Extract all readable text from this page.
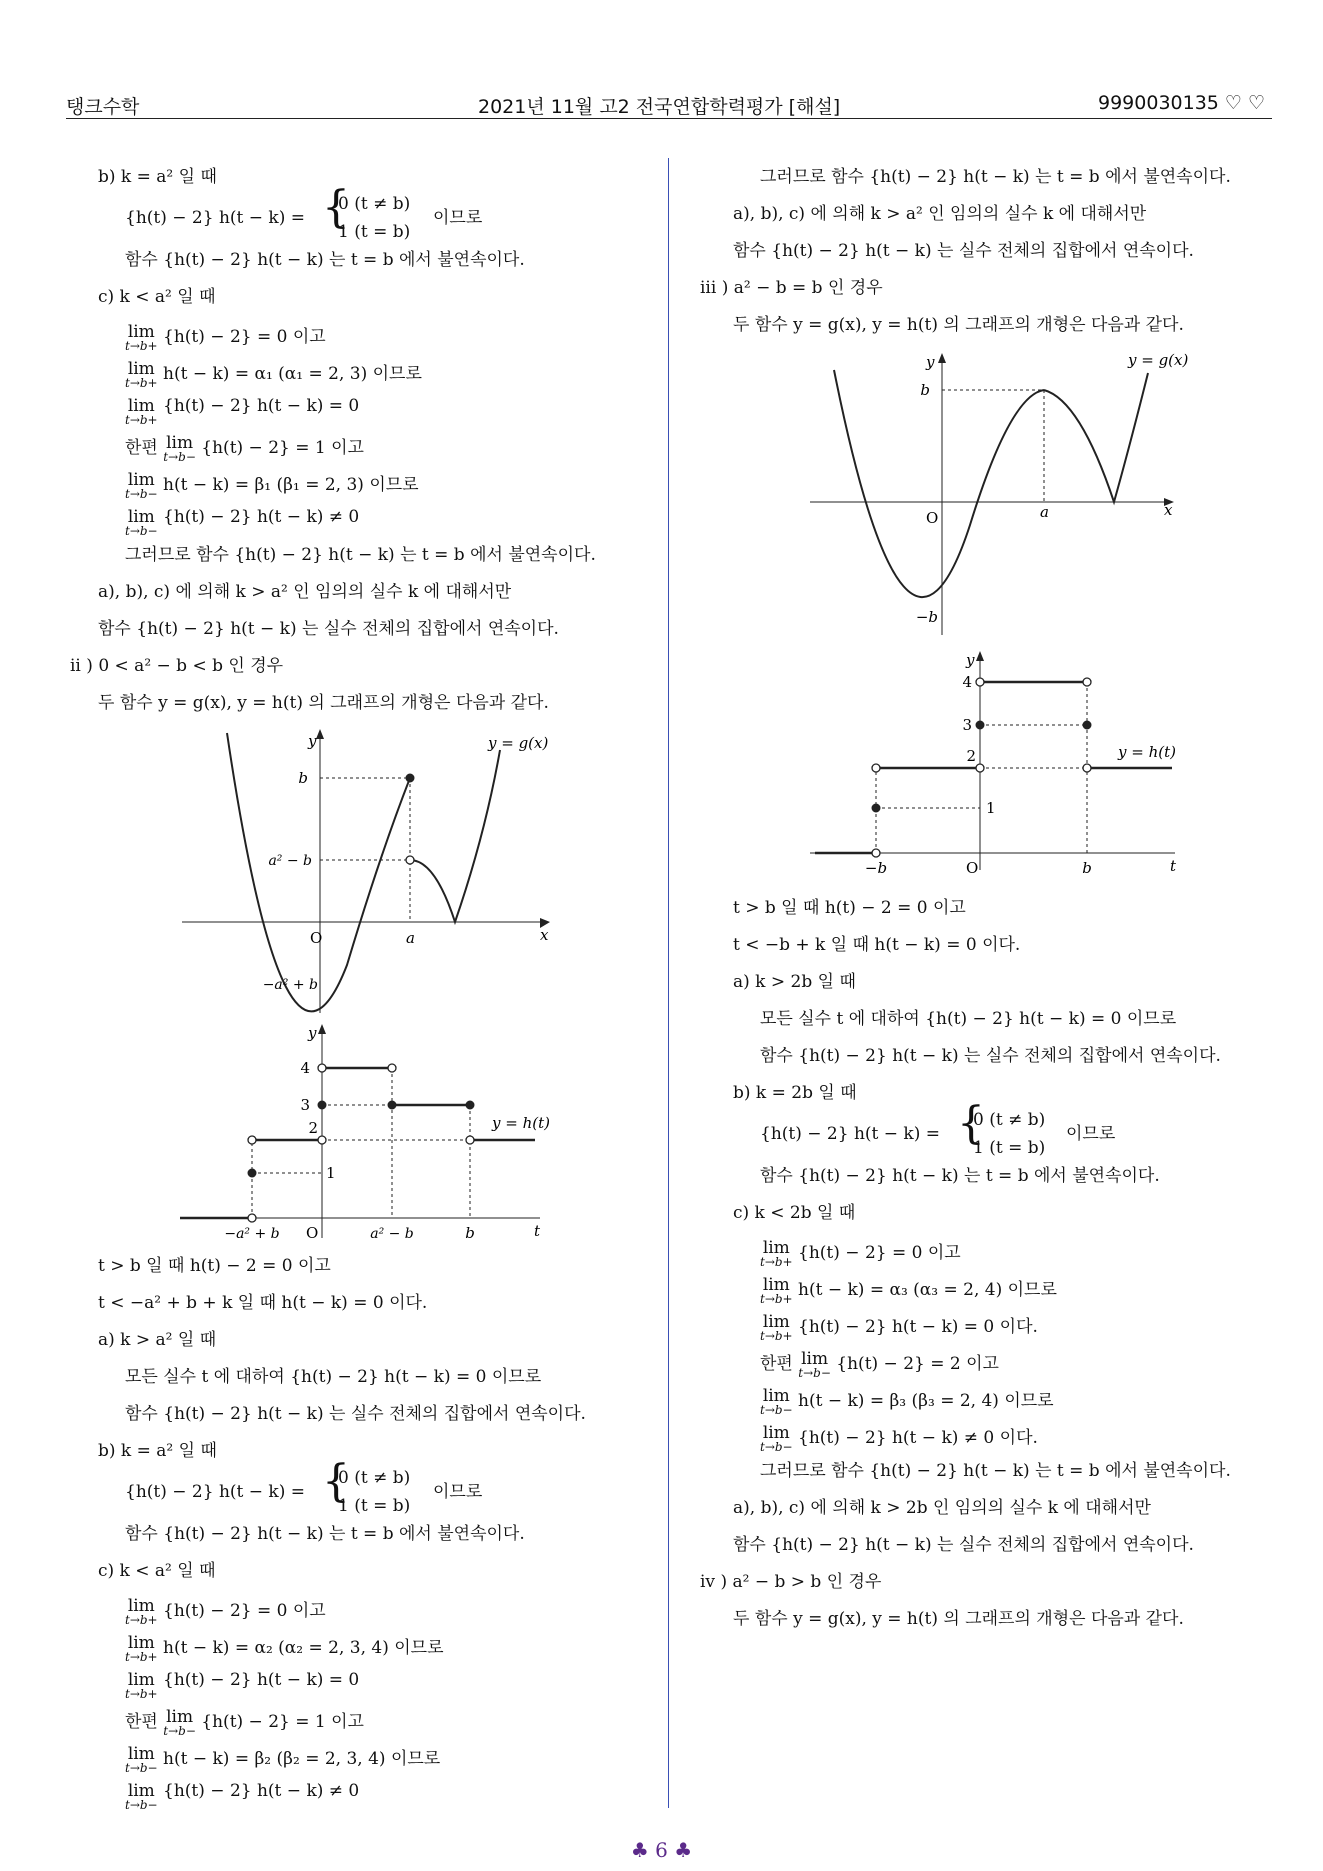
탱크수학	2021년 11월 고2 전국연합학력평가 [해설]	9990030135 ♡ ♡
b) k = a² 일 때
{h(t) − 2} h(t − k) = {
0 (t ≠ b)
1 (t = b)
이므로
함수 {h(t) − 2} h(t − k) 는 t = b 에서 불연속이다.
c) k < a² 일 때
lim
t→b+ {h(t) − 2} = 0 이고
lim
t→b+ h(t − k) = α₁ (α₁ = 2, 3) 이므로
lim
t→b+
{h(t) − 2} h(t − k) = 0
한편 lim
t→b− {h(t) − 2} = 1 이고
lim
t→b− h(t − k) = β₁ (β₁ = 2, 3) 이므로
lim
t→b−
{h(t) − 2} h(t − k) ≠ 0
그러므로 함수 {h(t) − 2} h(t − k) 는 t = b 에서 불연속이다.
a), b), c) 에 의해 k > a² 인 임의의 실수 k 에 대해서만
함수 {h(t) − 2} h(t − k) 는 실수 전체의 집합에서 연속이다.
ii ) 0 < a² − b < b 인 경우
두 함수 y = g(x), y = h(t) 의 그래프의 개형은 다음과 같다.
y
x
O
b
a² − b
−a² + b
a
y = g(x)
y
t
O
4
3
2
1
−a² + b	a² − b	b
y = h(t)
t > b 일 때 h(t) − 2 = 0 이고
t < −a² + b + k 일 때 h(t − k) = 0 이다.
a) k > a² 일 때
모든 실수 t 에 대하여 {h(t) − 2} h(t − k) = 0 이므로
함수 {h(t) − 2} h(t − k) 는 실수 전체의 집합에서 연속이다.
b) k = a² 일 때
{h(t) − 2} h(t − k) = {
0 (t ≠ b)
1 (t = b)
이므로
함수 {h(t) − 2} h(t − k) 는 t = b 에서 불연속이다.
c) k < a² 일 때
lim
t→b+ {h(t) − 2} = 0 이고
lim
t→b+ h(t − k) = α₂ (α₂ = 2, 3, 4) 이므로
lim
t→b+
{h(t) − 2} h(t − k) = 0
한편 lim
t→b− {h(t) − 2} = 1 이고
lim
t→b− h(t − k) = β₂ (β₂ = 2, 3, 4) 이므로
lim
t→b−
{h(t) − 2} h(t − k) ≠ 0
그러므로 함수 {h(t) − 2} h(t − k) 는 t = b 에서 불연속이다.
a), b), c) 에 의해 k > a² 인 임의의 실수 k 에 대해서만
함수 {h(t) − 2} h(t − k) 는 실수 전체의 집합에서 연속이다.
iii ) a² − b = b 인 경우
두 함수 y = g(x), y = h(t) 의 그래프의 개형은 다음과 같다.
y
x
O
b
−b
a
y = g(x)
y
t
O
4
3
2
1
−b	b
y = h(t)
t > b 일 때 h(t) − 2 = 0 이고
t < −b + k 일 때 h(t − k) = 0 이다.
a) k > 2b 일 때
모든 실수 t 에 대하여 {h(t) − 2} h(t − k) = 0 이므로
함수 {h(t) − 2} h(t − k) 는 실수 전체의 집합에서 연속이다.
b) k = 2b 일 때
{h(t) − 2} h(t − k) = {
0 (t ≠ b)
1 (t = b)
이므로
함수 {h(t) − 2} h(t − k) 는 t = b 에서 불연속이다.
c) k < 2b 일 때
lim
t→b+ {h(t) − 2} = 0 이고
lim
t→b+ h(t − k) = α₃ (α₃ = 2, 4) 이므로
lim
t→b+ {h(t) − 2} h(t − k) = 0 이다.
한편 lim
t→b− {h(t) − 2} = 2 이고
lim
t→b− h(t − k) = β₃ (β₃ = 2, 4) 이므로
lim
t→b− {h(t) − 2} h(t − k) ≠ 0 이다.
그러므로 함수 {h(t) − 2} h(t − k) 는 t = b 에서 불연속이다.
a), b), c) 에 의해 k > 2b 인 임의의 실수 k 에 대해서만
함수 {h(t) − 2} h(t − k) 는 실수 전체의 집합에서 연속이다.
iv ) a² − b > b 인 경우
두 함수 y = g(x), y = h(t) 의 그래프의 개형은 다음과 같다.
♣ 6 ♣
